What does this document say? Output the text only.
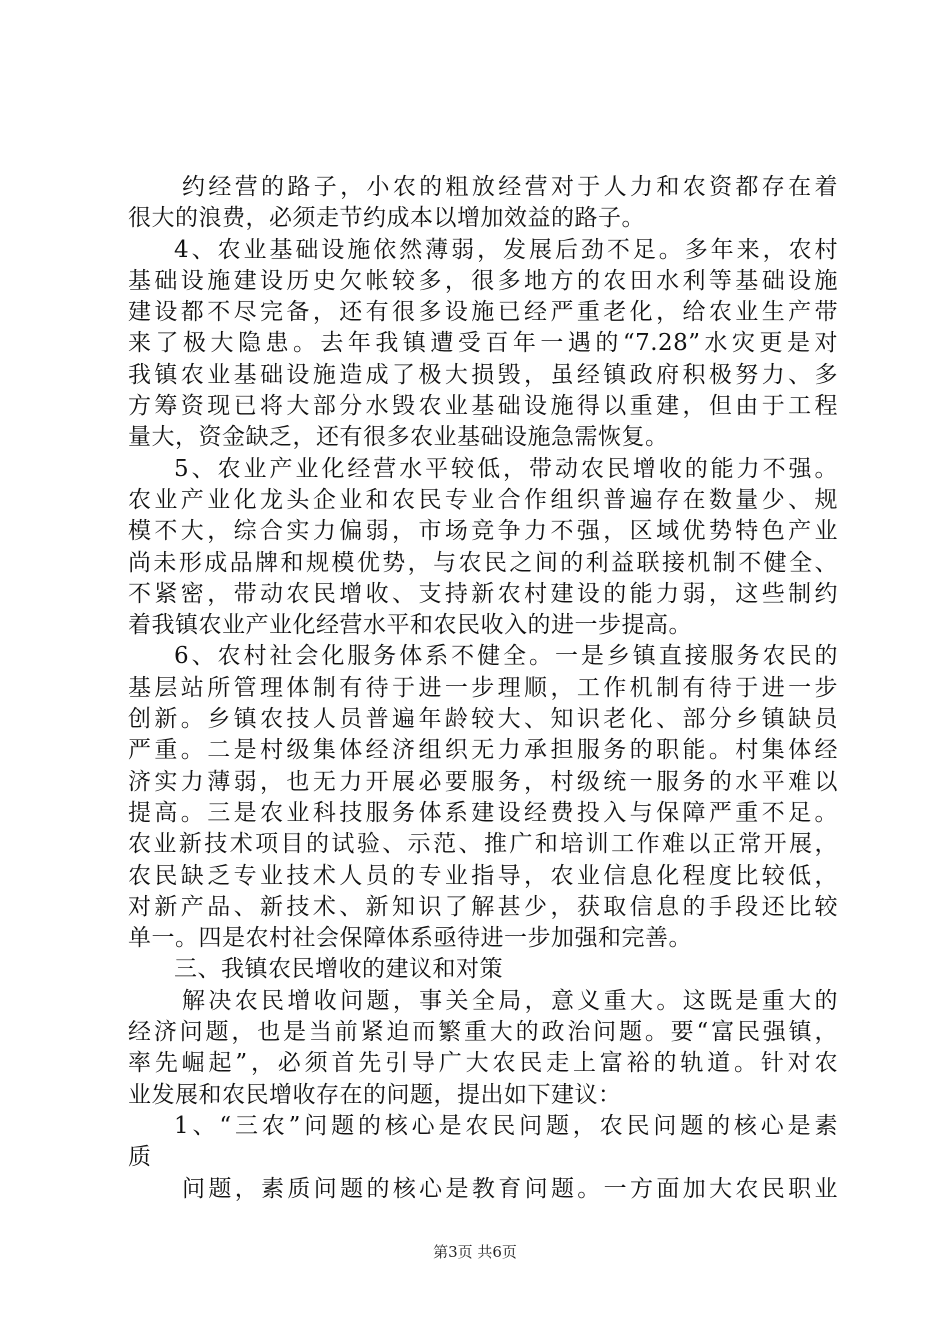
约经营的路子，小农的粗放经营对于人力和农资都存在着
很大的浪费，必须走节约成本以增加效益的路子。
4、农业基础设施依然薄弱，发展后劲不足。多年来，农村
基础设施建设历史欠帐较多，很多地方的农田水利等基础设施
建设都不尽完备，还有很多设施已经严重老化，给农业生产带
来了极大隐患。去年我镇遭受百年一遇的“7.28”水灾更是对
我镇农业基础设施造成了极大损毁，虽经镇政府积极努力、多
方筹资现已将大部分水毁农业基础设施得以重建，但由于工程
量大，资金缺乏，还有很多农业基础设施急需恢复。
5、农业产业化经营水平较低，带动农民增收的能力不强。
农业产业化龙头企业和农民专业合作组织普遍存在数量少、规
模不大，综合实力偏弱，市场竞争力不强，区域优势特色产业
尚未形成品牌和规模优势，与农民之间的利益联接机制不健全、
不紧密，带动农民增收、支持新农村建设的能力弱，这些制约
着我镇农业产业化经营水平和农民收入的进一步提高。
6、农村社会化服务体系不健全。一是乡镇直接服务农民的
基层站所管理体制有待于进一步理顺，工作机制有待于进一步
创新。乡镇农技人员普遍年龄较大、知识老化、部分乡镇缺员
严重。二是村级集体经济组织无力承担服务的职能。村集体经
济实力薄弱，也无力开展必要服务，村级统一服务的水平难以
提高。三是农业科技服务体系建设经费投入与保障严重不足。
农业新技术项目的试验、示范、推广和培训工作难以正常开展，
农民缺乏专业技术人员的专业指导，农业信息化程度比较低，
对新产品、新技术、新知识了解甚少，获取信息的手段还比较
单一。四是农村社会保障体系亟待进一步加强和完善。
三、我镇农民增收的建议和对策
解决农民增收问题，事关全局，意义重大。这既是重大的
经济问题，也是当前紧迫而繁重大的政治问题。要“富民强镇，
率先崛起”，必须首先引导广大农民走上富裕的轨道。针对农
业发展和农民增收存在的问题，提出如下建议：
1、“三农”问题的核心是农民问题，农民问题的核心是素
质
问题，素质问题的核心是教育问题。一方面加大农民职业
第3页 共6页
